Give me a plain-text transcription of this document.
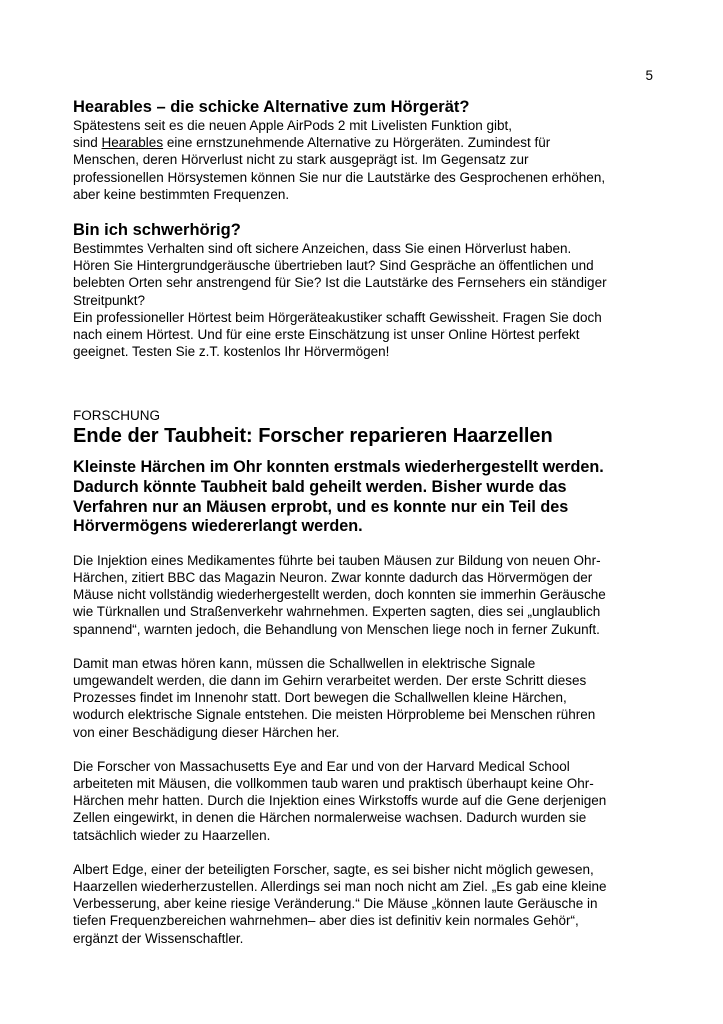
5
Hearables – die schicke Alternative zum Hörgerät?

Spätestens seit es die neuen Apple AirPods 2 mit Livelisten Funktion gibt,
sind Hearables eine ernstzunehmende Alternative zu Hörgeräten. Zumindest für
Menschen, deren Hörverlust nicht zu stark ausgeprägt ist. Im Gegensatz zur
professionellen Hörsystemen können Sie nur die Lautstärke des Gesprochenen erhöhen,
aber keine bestimmten Frequenzen.

Bin ich schwerhörig?

Bestimmtes Verhalten sind oft sichere Anzeichen, dass Sie einen Hörverlust haben.
Hören Sie Hintergrundgeräusche übertrieben laut? Sind Gespräche an öffentlichen und
belebten Orten sehr anstrengend für Sie? Ist die Lautstärke des Fernsehers ein ständiger
Streitpunkt?
Ein professioneller Hörtest beim Hörgeräteakustiker schafft Gewissheit. Fragen Sie doch
nach einem Hörtest. Und für eine erste Einschätzung ist unser Online Hörtest perfekt
geeignet. Testen Sie z.T. kostenlos Ihr Hörvermögen!

FORSCHUNG
Ende der Taubheit: Forscher reparieren Haarzellen

Kleinste Härchen im Ohr konnten erstmals wiederhergestellt werden.
Dadurch könnte Taubheit bald geheilt werden. Bisher wurde das
Verfahren nur an Mäusen erprobt, und es konnte nur ein Teil des
Hörvermögens wiedererlangt werden.

Die Injektion eines Medikamentes führte bei tauben Mäusen zur Bildung von neuen Ohr-
Härchen, zitiert BBC das Magazin Neuron. Zwar konnte dadurch das Hörvermögen der
Mäuse nicht vollständig wiederhergestellt werden, doch konnten sie immerhin Geräusche
wie Türknallen und Straßenverkehr wahrnehmen. Experten sagten, dies sei „unglaublich
spannend“, warnten jedoch, die Behandlung von Menschen liege noch in ferner Zukunft.

Damit man etwas hören kann, müssen die Schallwellen in elektrische Signale
umgewandelt werden, die dann im Gehirn verarbeitet werden. Der erste Schritt dieses
Prozesses findet im Innenohr statt. Dort bewegen die Schallwellen kleine Härchen,
wodurch elektrische Signale entstehen. Die meisten Hörprobleme bei Menschen rühren
von einer Beschädigung dieser Härchen her.

Die Forscher von Massachusetts Eye and Ear und von der Harvard Medical School
arbeiteten mit Mäusen, die vollkommen taub waren und praktisch überhaupt keine Ohr-
Härchen mehr hatten. Durch die Injektion eines Wirkstoffs wurde auf die Gene derjenigen
Zellen eingewirkt, in denen die Härchen normalerweise wachsen. Dadurch wurden sie
tatsächlich wieder zu Haarzellen.

Albert Edge, einer der beteiligten Forscher, sagte, es sei bisher nicht möglich gewesen,
Haarzellen wiederherzustellen. Allerdings sei man noch nicht am Ziel. „Es gab eine kleine
Verbesserung, aber keine riesige Veränderung.“ Die Mäuse „können laute Geräusche in
tiefen Frequenzbereichen wahrnehmen– aber dies ist definitiv kein normales Gehör“,
ergänzt der Wissenschaftler.
